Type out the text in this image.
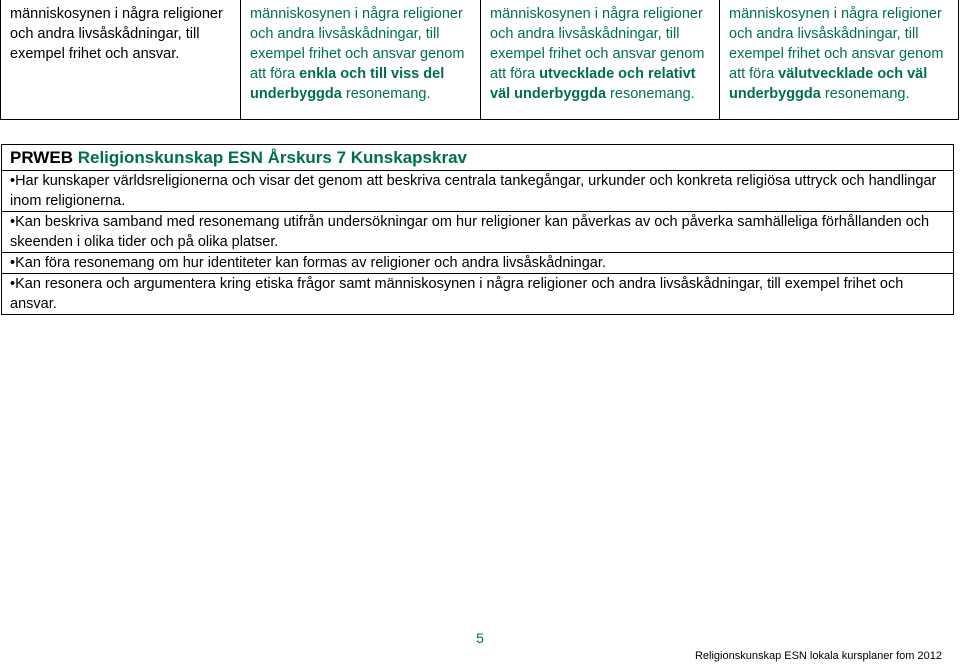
människosynen i några religioner
och andra livsåskådningar, till
exempel frihet och ansvar.
människosynen i några religioner och andra livsåskådningar, till exempel frihet och ansvar genom att föra enkla och till viss del underbyggda resonemang.
människosynen i några religioner och andra livsåskådningar, till exempel frihet och ansvar genom att föra utvecklade och relativt väl underbyggda resonemang.
människosynen i några religioner och andra livsåskådningar, till exempel frihet och ansvar genom att föra välutvecklade och väl underbyggda resonemang.
PRWEB Religionskunskap ESN Årskurs 7 Kunskapskrav
• Har kunskaper världsreligionerna och visar det genom att beskriva centrala tankegångar, urkunder och konkreta religiösa uttryck och handlingar inom religionerna.
• Kan beskriva samband med resonemang utifrån undersökningar om hur religioner kan påverkas av och påverka samhälleliga förhållanden och skeenden i olika tider och på olika platser.
• Kan föra resonemang om hur identiteter kan formas av religioner och andra livsåskådningar.
• Kan resonera och argumentera kring etiska frågor samt människosynen i några religioner och andra livsåskådningar, till exempel frihet och ansvar.
5
Religionskunskap ESN lokala kursplaner fom 2012
